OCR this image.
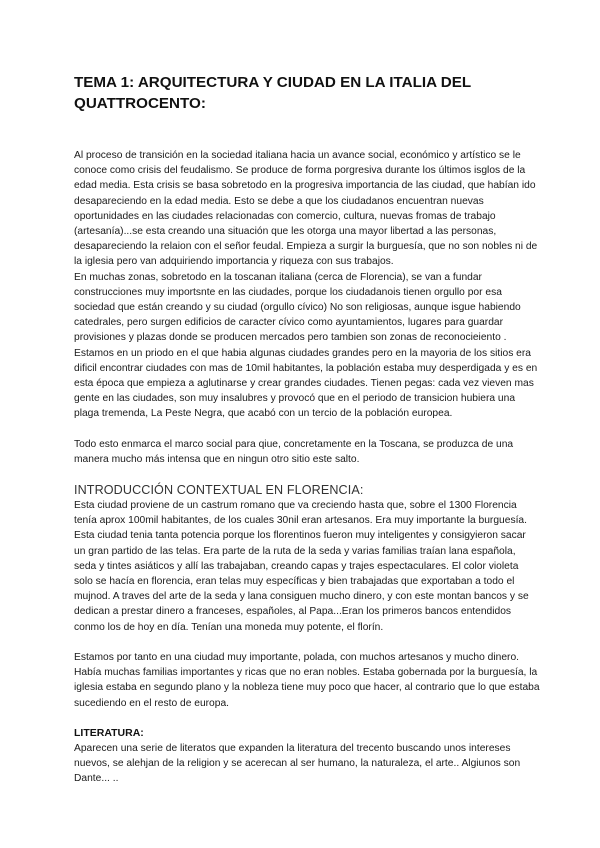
TEMA 1: ARQUITECTURA Y CIUDAD EN LA ITALIA DEL QUATTROCENTO:

Al proceso de transición en la sociedad italiana hacia un avance social, económico y artístico se le conoce como crisis del feudalismo. Se produce de forma porgresiva durante los últimos isglos de la edad media. Esta crisis se basa sobretodo en la progresiva importancia de las ciudad, que habían ido desapareciendo en la edad media. Esto se debe a que los ciudadanos encuentran nuevas oportunidades en las ciudades relacionadas con comercio, cultura, nuevas fromas de trabajo (artesanía)...se esta creando una situación que les otorga una mayor libertad a las personas, desapareciendo la relaion con el señor feudal. Empieza a surgir la burguesía, que no son nobles ni de la iglesia pero van adquiriendo importancia y riqueza con sus trabajos.

En muchas zonas, sobretodo en la toscanan italiana (cerca de Florencia), se van a fundar construcciones muy importsnte en las ciudades, porque los ciudadanois tienen orgullo por esa sociedad que están creando y su ciudad (orgullo cívico) No son religiosas, aunque isgue habiendo catedrales, pero surgen edificios de caracter cívico como ayuntamientos, lugares para guardar provisiones y plazas donde se producen mercados pero tambien son zonas de reconocieiento .

Estamos en un priodo en el que habia algunas ciudades grandes pero en la mayoria de los sitios era dificil encontrar ciudades con mas de 10mil habitantes, la población estaba muy desperdigada y es en esta época que empieza a aglutinarse y crear grandes ciudades. Tienen pegas: cada vez vieven mas gente en las ciudades, son muy insalubres y provocó que en el periodo de transicion hubiera una plaga tremenda, La Peste Negra, que acabó con un tercio de la población europea.

Todo esto enmarca el marco social para qiue, concretamente en la Toscana, se produzca de una manera mucho más intensa que en ningun otro sitio este salto.

INTRODUCCIÓN CONTEXTUAL EN FLORENCIA:

Esta ciudad proviene de un castrum romano que va creciendo hasta que, sobre el 1300 Florencia tenía aprox 100mil habitantes, de los cuales 30nil eran artesanos. Era muy importante la burguesía.

Esta ciudad tenia tanta potencia porque los florentinos fueron muy inteligentes y consigyieron sacar un gran partido de las telas. Era parte de la ruta de la seda y varias familias traían lana española, seda y tintes asiáticos y allí las trabajaban, creando capas y trajes espectaculares. El color violeta solo se hacía en florencia, eran telas muy específicas y bien trabajadas que exportaban a todo el mujnod. A traves del arte de la seda y lana consiguen mucho dinero, y con este montan bancos y se dedican a prestar dinero a franceses, españoles, al Papa...Eran los primeros bancos entendidos conmo los de hoy en día. Tenían una moneda muy potente, el florín.

Estamos por tanto en una ciudad muy importante, polada, con muchos artesanos y mucho dinero. Había muchas familias importantes y ricas que no eran nobles. Estaba gobernada por la burguesía, la iglesia estaba en segundo plano y la nobleza tiene muy poco que hacer, al contrario que lo que estaba sucediendo en el resto de europa.

LITERATURA:

Aparecen una serie de literatos que expanden la literatura del trecento buscando unos intereses nuevos, se alehjan de la religion y se acerecan al ser humano, la naturaleza, el arte.. Algiunos son Dante... ..
